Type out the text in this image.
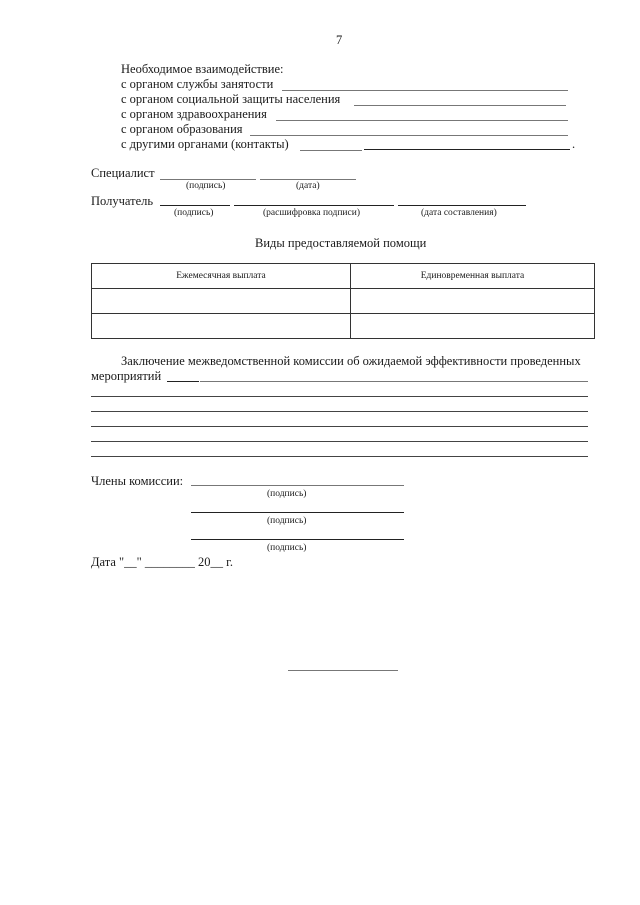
7
Необходимое взаимодействие:
с органом службы занятости
с органом социальной защиты населения
с органом здравоохранения
с органом образования
с другими органами (контакты)	.
Специалист
(подпись)	(дата)
Получатель
(подпись)	(расшифровка подписи)	(дата составления)
Виды предоставляемой помощи
Ежемесячная выплата	Единовременная выплата

Заключение межведомственной комиссии об ожидаемой эффективности проведенных
мероприятий
Члены комиссии:
(подпись)
(подпись)
(подпись)
Дата "__" ________ 20__ г.
